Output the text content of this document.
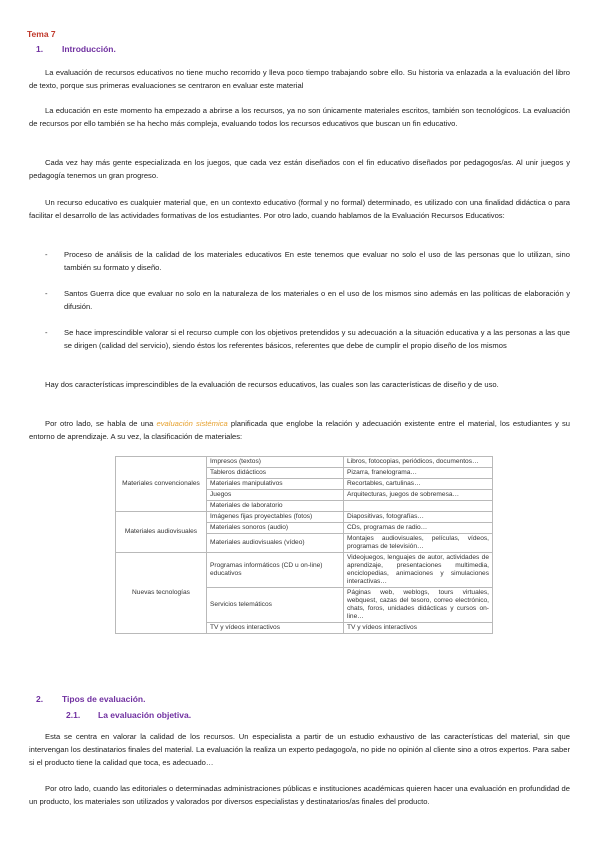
Tema 7
1. Introducción.

La evaluación de recursos educativos no tiene mucho recorrido y lleva poco tiempo trabajando sobre ello. Su historia va enlazada a la evaluación del libro de texto, porque sus primeras evaluaciones se centraron en evaluar este material

La educación en este momento ha empezado a abrirse a los recursos, ya no son únicamente materiales escritos, también son tecnológicos. La evaluación de recursos por ello también se ha hecho más compleja, evaluando todos los recursos educativos que buscan un fin educativo.

Cada vez hay más gente especializada en los juegos, que cada vez están diseñados con el fin educativo diseñados por pedagogos/as. Al unir juegos y pedagogía tenemos un gran progreso.

Un recurso educativo es cualquier material que, en un contexto educativo (formal y no formal) determinado, es utilizado con una finalidad didáctica o para facilitar el desarrollo de las actividades formativas de los estudiantes. Por otro lado, cuando hablamos de la Evaluación Recursos Educativos:

- Proceso de análisis de la calidad de los materiales educativos En este tenemos que evaluar no solo el uso de las personas que lo utilizan, sino también su formato y diseño.
- Santos Guerra dice que evaluar no solo en la naturaleza de los materiales o en el uso de los mismos sino además en las políticas de elaboración y difusión.
- Se hace imprescindible valorar si el recurso cumple con los objetivos pretendidos y su adecuación a la situación educativa y a las personas a las que se dirigen (calidad del servicio), siendo éstos los referentes básicos, referentes que debe de cumplir el propio diseño de los mismos

Hay dos características imprescindibles de la evaluación de recursos educativos, las cuales son las características de diseño y de uso.

Por otro lado, se habla de una evaluación sistémica planificada que englobe la relación y adecuación existente entre el material, los estudiantes y su entorno de aprendizaje. A su vez, la clasificación de materiales:

Materiales convencionales	Impresos (textos)	Libros, fotocopias, periódicos, documentos…
	Tableros didácticos	Pizarra, franelograma…
	Materiales manipulativos	Recortables, cartulinas…
	Juegos	Arquitecturas, juegos de sobremesa…
	Materiales de laboratorio	
Materiales audiovisuales	Imágenes fijas proyectables (fotos)	Diapositivas, fotografías…
	Materiales sonoros (audio)	CDs, programas de radio…
	Materiales audiovisuales (vídeo)	Montajes audiovisuales, películas, vídeos, programas de televisión…
Nuevas tecnologías	Programas informáticos (CD u on-line) educativos	Videojuegos, lenguajes de autor, actividades de aprendizaje, presentaciones multimedia, enciclopedias, animaciones y simulaciones interactivas…
	Servicios telemáticos	Páginas web, weblogs, tours virtuales, webquest, cazas del tesoro, correo electrónico, chats, foros, unidades didácticas y cursos on-line…
	TV y vídeos interactivos	TV y vídeos interactivos
2. Tipos de evaluación.
2.1. La evaluación objetiva.

Esta se centra en valorar la calidad de los recursos. Un especialista a partir de un estudio exhaustivo de las características del material, sin que intervengan los destinatarios finales del material. La evaluación la realiza un experto pedagogo/a, no pide no opinión al cliente sino a otros expertos. Para saber si el producto tiene la calidad que toca, es adecuado…

Por otro lado, cuando las editoriales o determinadas administraciones públicas e instituciones académicas quieren hacer una evaluación en profundidad de un producto, los materiales son utilizados y valorados por diversos especialistas y destinatarios/as finales del producto.
